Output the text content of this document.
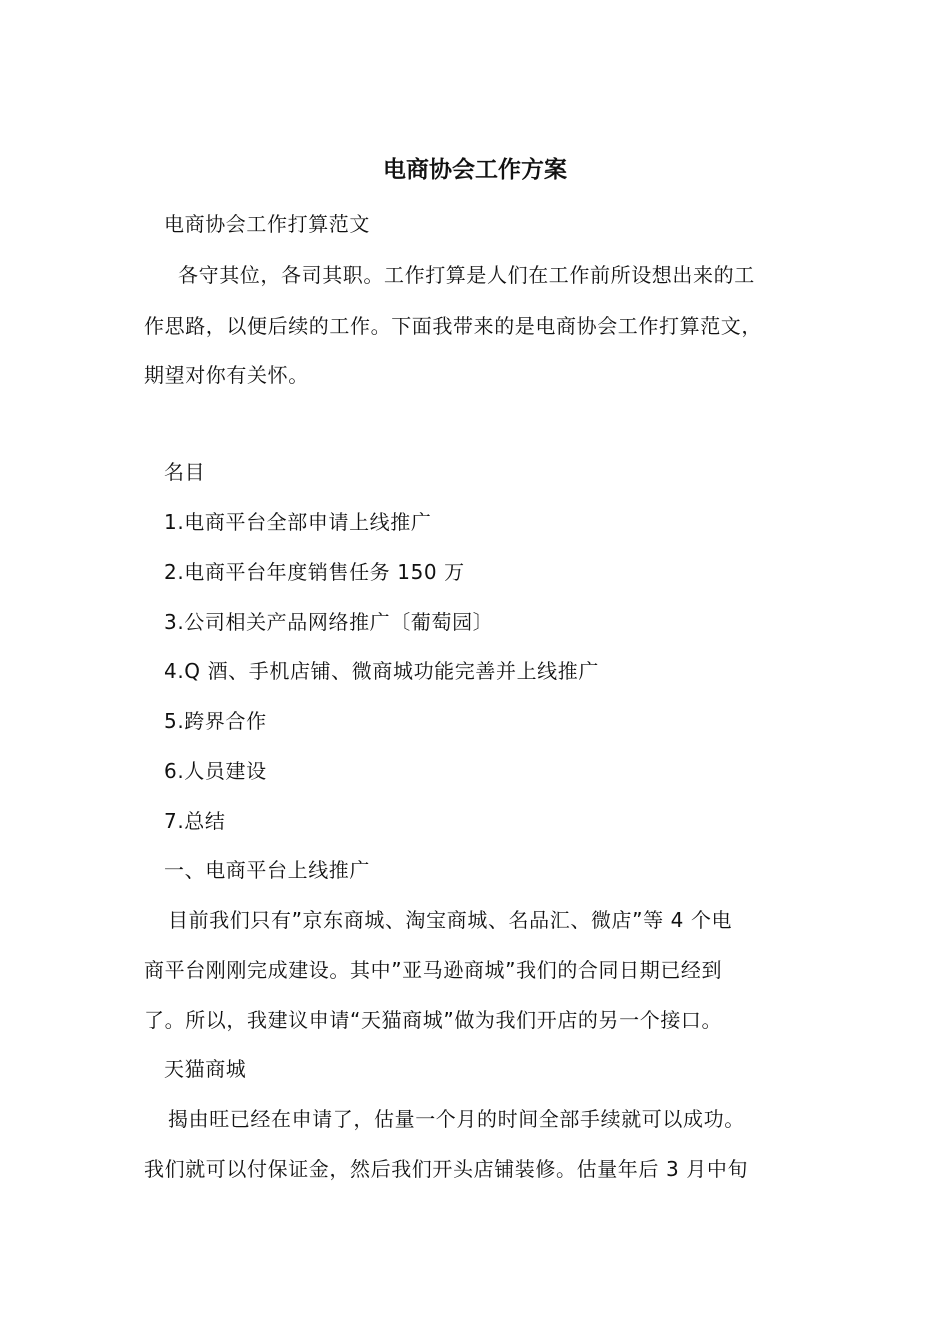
电商协会工作方案
电商协会工作打算范文
各守其位，各司其职。工作打算是人们在工作前所设想出来的工
作思路，以便后续的工作。下面我带来的是电商协会工作打算范文，
期望对你有关怀。
名目
1.电商平台全部申请上线推广
2.电商平台年度销售任务 150 万
3.公司相关产品网络推广〔葡萄园〕
4.Q 酒、手机店铺、微商城功能完善并上线推广
5.跨界合作
6.人员建设
7.总结
一、电商平台上线推广
目前我们只有”京东商城、淘宝商城、名品汇、微店”等 4 个电
商平台刚刚完成建设。其中”亚马逊商城”我们的合同日期已经到
了。所以，我建议申请“天猫商城”做为我们开店的另一个接口。
天猫商城
揭由旺已经在申请了，估量一个月的时间全部手续就可以成功。
我们就可以付保证金，然后我们开头店铺装修。估量年后 3 月中旬
